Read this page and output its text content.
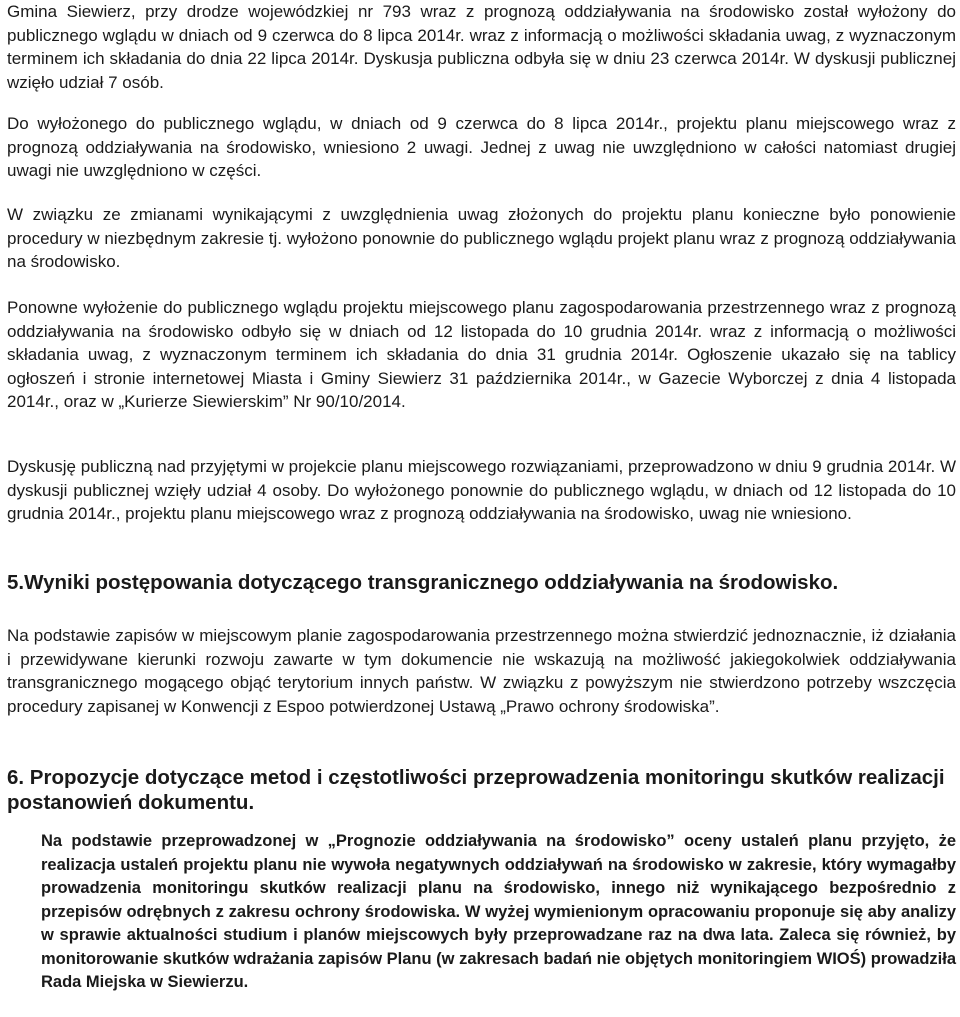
Gmina Siewierz, przy drodze wojewódzkiej nr 793 wraz z prognozą oddziaływania na środowisko został wyłożony do publicznego wglądu w dniach od 9 czerwca do 8 lipca 2014r. wraz z informacją o możliwości składania uwag, z wyznaczonym terminem ich składania do dnia 22 lipca 2014r. Dyskusja publiczna odbyła się w dniu 23 czerwca 2014r. W dyskusji publicznej wzięło udział 7 osób.

Do wyłożonego do publicznego wglądu, w dniach od 9 czerwca do 8 lipca 2014r., projektu planu miejscowego wraz z prognozą oddziaływania na środowisko, wniesiono 2 uwagi. Jednej z uwag nie uwzględniono w całości natomiast drugiej uwagi nie uwzględniono w części.

W związku ze zmianami wynikającymi z uwzględnienia uwag złożonych do projektu planu konieczne było ponowienie procedury w niezbędnym zakresie tj. wyłożono ponownie do publicznego wglądu projekt planu wraz z prognozą oddziaływania na środowisko.

Ponowne wyłożenie do publicznego wglądu projektu miejscowego planu zagospodarowania przestrzennego wraz z prognozą oddziaływania na środowisko odbyło się w dniach od 12 listopada do 10 grudnia 2014r. wraz z informacją o możliwości składania uwag, z wyznaczonym terminem ich składania do dnia 31 grudnia 2014r. Ogłoszenie ukazało się na tablicy ogłoszeń i stronie internetowej Miasta i Gminy Siewierz 31 października 2014r., w Gazecie Wyborczej z dnia 4 listopada 2014r., oraz w „Kurierze Siewierskim” Nr 90/10/2014.

Dyskusję publiczną nad przyjętymi w projekcie planu miejscowego rozwiązaniami, przeprowadzono w dniu 9 grudnia 2014r. W dyskusji publicznej wzięły udział 4 osoby. Do wyłożonego ponownie do publicznego wglądu, w dniach od 12 listopada do 10 grudnia 2014r., projektu planu miejscowego wraz z prognozą oddziaływania na środowisko, uwag nie wniesiono.

5.Wyniki postępowania dotyczącego transgranicznego oddziaływania na środowisko.

Na podstawie zapisów w miejscowym planie zagospodarowania przestrzennego można stwierdzić jednoznacznie, iż działania i przewidywane kierunki rozwoju zawarte w tym dokumencie nie wskazują na możliwość jakiegokolwiek oddziaływania transgranicznego mogącego objąć terytorium innych państw. W związku z powyższym nie stwierdzono potrzeby wszczęcia procedury zapisanej w Konwencji z Espoo potwierdzonej Ustawą „Prawo ochrony środowiska”.

6. Propozycje dotyczące metod i częstotliwości przeprowadzenia monitoringu skutków realizacji postanowień dokumentu.

Na podstawie przeprowadzonej w „Prognozie oddziaływania na środowisko” oceny ustaleń planu przyjęto, że realizacja ustaleń projektu planu nie wywoła negatywnych oddziaływań na środowisko w zakresie, który wymagałby prowadzenia monitoringu skutków realizacji planu na środowisko, innego niż wynikającego bezpośrednio z przepisów odrębnych z zakresu ochrony środowiska. W wyżej wymienionym opracowaniu proponuje się aby analizy w sprawie aktualności studium i planów miejscowych były przeprowadzane raz na dwa lata. Zaleca się również, by monitorowanie skutków wdrażania zapisów Planu (w zakresach badań nie objętych monitoringiem WIOŚ) prowadziła Rada Miejska w Siewierzu.
